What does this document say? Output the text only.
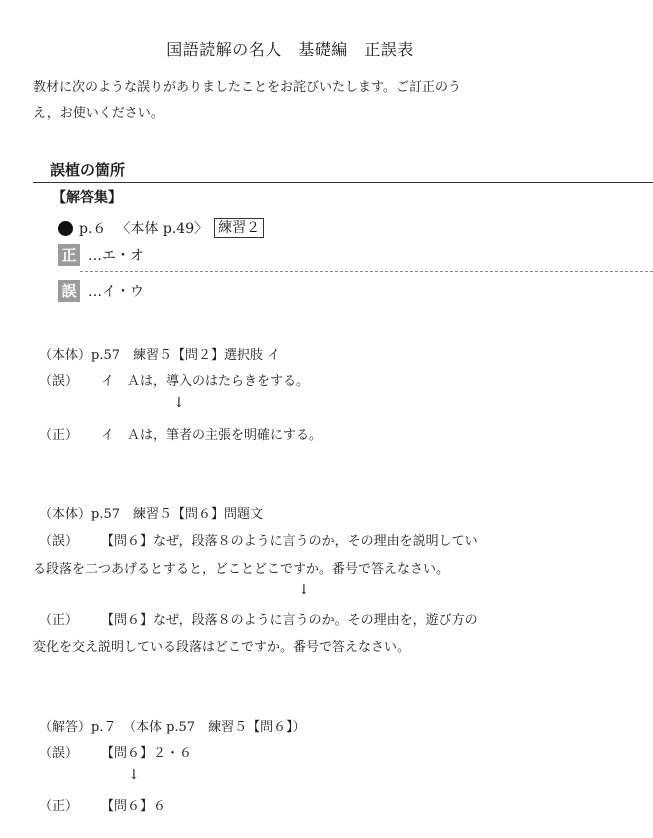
国語読解の名人　基礎編　正誤表
教材に次のような誤りがありましたことをお詫びいたします。ご訂正のう
え，お使いください。
誤植の箇所
【解答集】
p.６ 〈本体 p.49〉 練習２
正 …エ・オ
誤 …イ・ウ
（本体）p.57　練習５【問２】選択肢 イ
（誤） イ　Ａは，導入のはたらきをする。
↓
（正） イ　Ａは，筆者の主張を明確にする。
（本体）p.57　練習５【問６】問題文
（誤） 【問６】なぜ，段落８のように言うのか，その理由を説明してい
る段落を二つあげるとすると，どことどこですか。番号で答えなさい。
↓
（正） 【問６】なぜ，段落８のように言うのか。その理由を，遊び方の
変化を交え説明している段落はどこですか。番号で答えなさい。
（解答）p.７　（本体 p.57　練習５【問６】）
（誤） 【問６】２・６
↓
（正） 【問６】６
